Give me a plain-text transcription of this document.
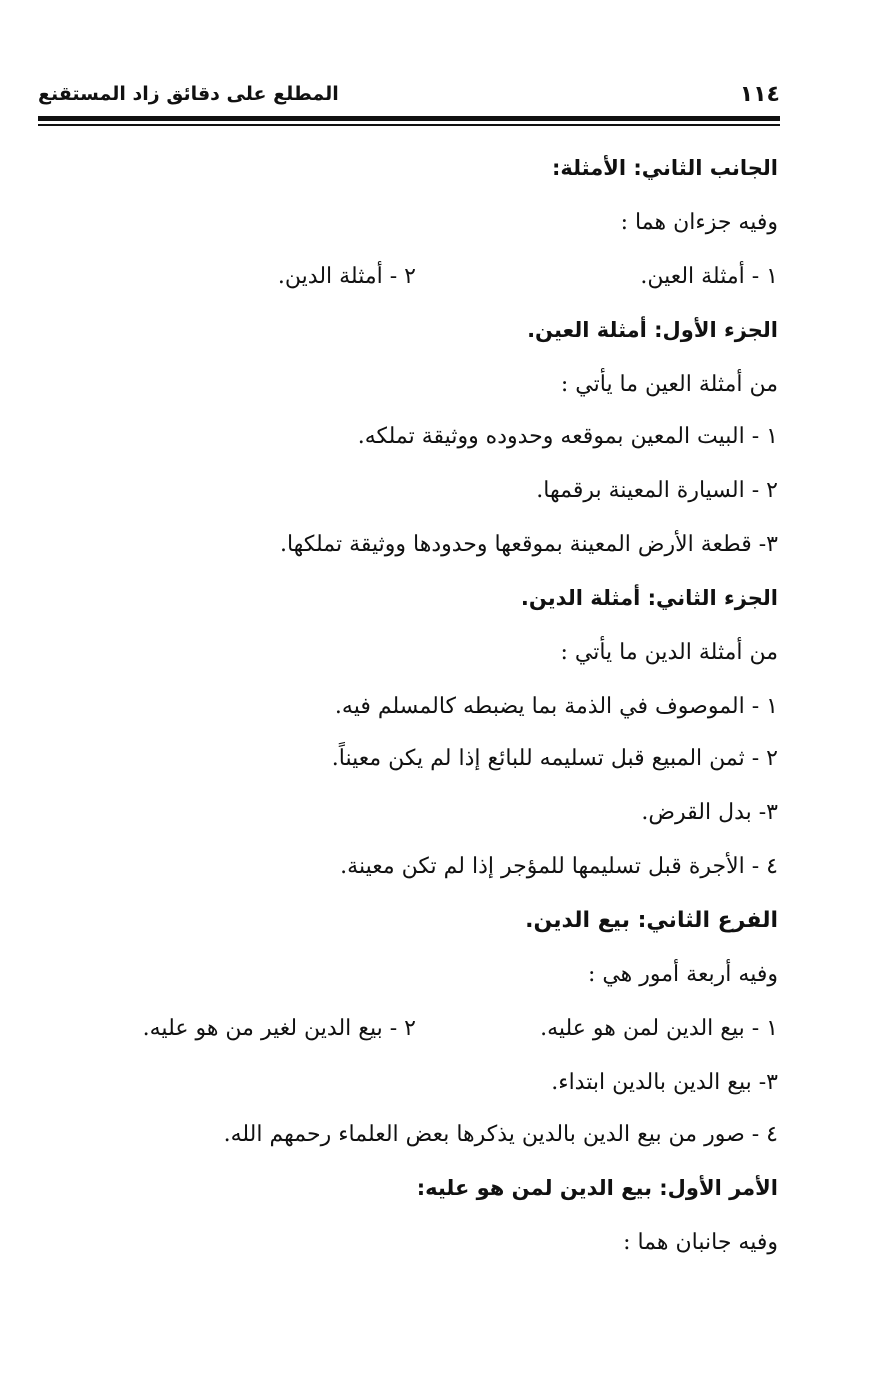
١١٤
المطلع على دقائق زاد المستقنع
الجانب الثاني: الأمثلة:
وفيه جزءان هما :
١ - أمثلة العين.
٢ - أمثلة الدين.
الجزء الأول: أمثلة العين.
من أمثلة العين ما يأتي :
١ - البيت المعين بموقعه وحدوده ووثيقة تملكه.
٢ - السيارة المعينة برقمها.
٣- قطعة الأرض المعينة بموقعها وحدودها ووثيقة تملكها.
الجزء الثاني: أمثلة الدين.
من أمثلة الدين ما يأتي :
١ - الموصوف في الذمة بما يضبطه كالمسلم فيه.
٢ - ثمن المبيع قبل تسليمه للبائع إذا لم يكن معيناً.
٣- بدل القرض.
٤ - الأجرة قبل تسليمها للمؤجر إذا لم تكن معينة.
الفرع الثاني: بيع الدين.
وفيه أربعة أمور هي :
١ - بيع الدين لمن هو عليه.
٢ - بيع الدين لغير من هو عليه.
٣- بيع الدين بالدين ابتداء.
٤ - صور من بيع الدين بالدين يذكرها بعض العلماء رحمهم الله.
الأمر الأول: بيع الدين لمن هو عليه:
وفيه جانبان هما :
